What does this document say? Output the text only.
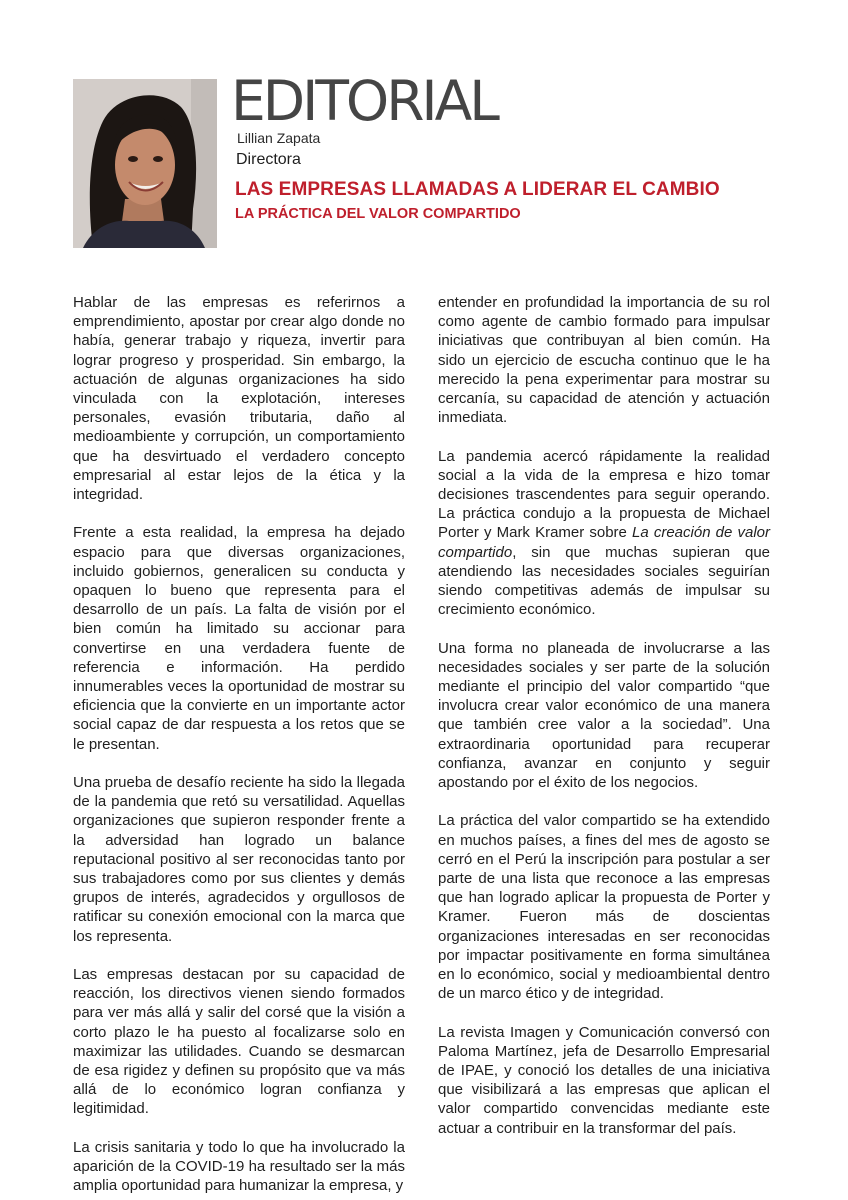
EDITORIAL
Lillian Zapata
Directora
LAS EMPRESAS LLAMADAS A LIDERAR EL CAMBIO
LA PRÁCTICA DEL VALOR COMPARTIDO

Hablar de las empresas es referirnos a emprendimiento, apostar por crear algo donde no había, generar trabajo y riqueza, invertir para lograr progreso y prosperidad. Sin embargo, la actuación de algunas organizaciones ha sido vinculada con la explotación, intereses personales, evasión tributaria, daño al medioambiente y corrupción, un comportamiento que ha desvirtuado el verdadero concepto empresarial al estar lejos de la ética y la integridad.

Frente a esta realidad, la empresa ha dejado espacio para que diversas organizaciones, incluido gobiernos, generalicen su conducta y opaquen lo bueno que representa para el desarrollo de un país. La falta de visión por el bien común ha limitado su accionar para convertirse en una verdadera fuente de referencia e información. Ha perdido innumerables veces la oportunidad de mostrar su eficiencia que la convierte en un importante actor social capaz de dar respuesta a los retos que se le presentan.

Una prueba de desafío reciente ha sido la llegada de la pandemia que retó su versatilidad. Aquellas organizaciones que supieron responder frente a la adversidad han logrado un balance reputacional positivo al ser reconocidas tanto por sus trabajadores como por sus clientes y demás grupos de interés, agradecidos y orgullosos de ratificar su conexión emocional con la marca que los representa.

Las empresas destacan por su capacidad de reacción, los directivos vienen siendo formados para ver más allá y salir del corsé que la visión a corto plazo le ha puesto al focalizarse solo en maximizar las utilidades. Cuando se desmarcan de esa rigidez y definen su propósito que va más allá de lo económico logran confianza y legitimidad.

La crisis sanitaria y todo lo que ha involucrado la aparición de la COVID-19 ha resultado ser la más amplia oportunidad para humanizar la empresa, y

entender en profundidad la importancia de su rol como agente de cambio formado para impulsar iniciativas que contribuyan al bien común. Ha sido un ejercicio de escucha continuo que le ha merecido la pena experimentar para mostrar su cercanía, su capacidad de atención y actuación inmediata.

La pandemia acercó rápidamente la realidad social a la vida de la empresa e hizo tomar decisiones trascendentes para seguir operando. La práctica condujo a la propuesta de Michael Porter y Mark Kramer sobre La creación de valor compartido, sin que muchas supieran que atendiendo las necesidades sociales seguirían siendo competitivas además de impulsar su crecimiento económico.

Una forma no planeada de involucrarse a las necesidades sociales y ser parte de la solución mediante el principio del valor compartido “que involucra crear valor económico de una manera que también cree valor a la sociedad”. Una extraordinaria oportunidad para recuperar confianza, avanzar en conjunto y seguir apostando por el éxito de los negocios.

La práctica del valor compartido se ha extendido en muchos países, a fines del mes de agosto se cerró en el Perú la inscripción para postular a ser parte de una lista que reconoce a las empresas que han logrado aplicar la propuesta de Porter y Kramer. Fueron más de doscientas organizaciones interesadas en ser reconocidas por impactar positivamente en forma simultánea en lo económico, social y medioambiental dentro de un marco ético y de integridad.

La revista Imagen y Comunicación conversó con Paloma Martínez, jefa de Desarrollo Empresarial de IPAE, y conoció los detalles de una iniciativa que visibilizará a las empresas que aplican el valor compartido convencidas mediante este actuar a contribuir en la transformar del país.
